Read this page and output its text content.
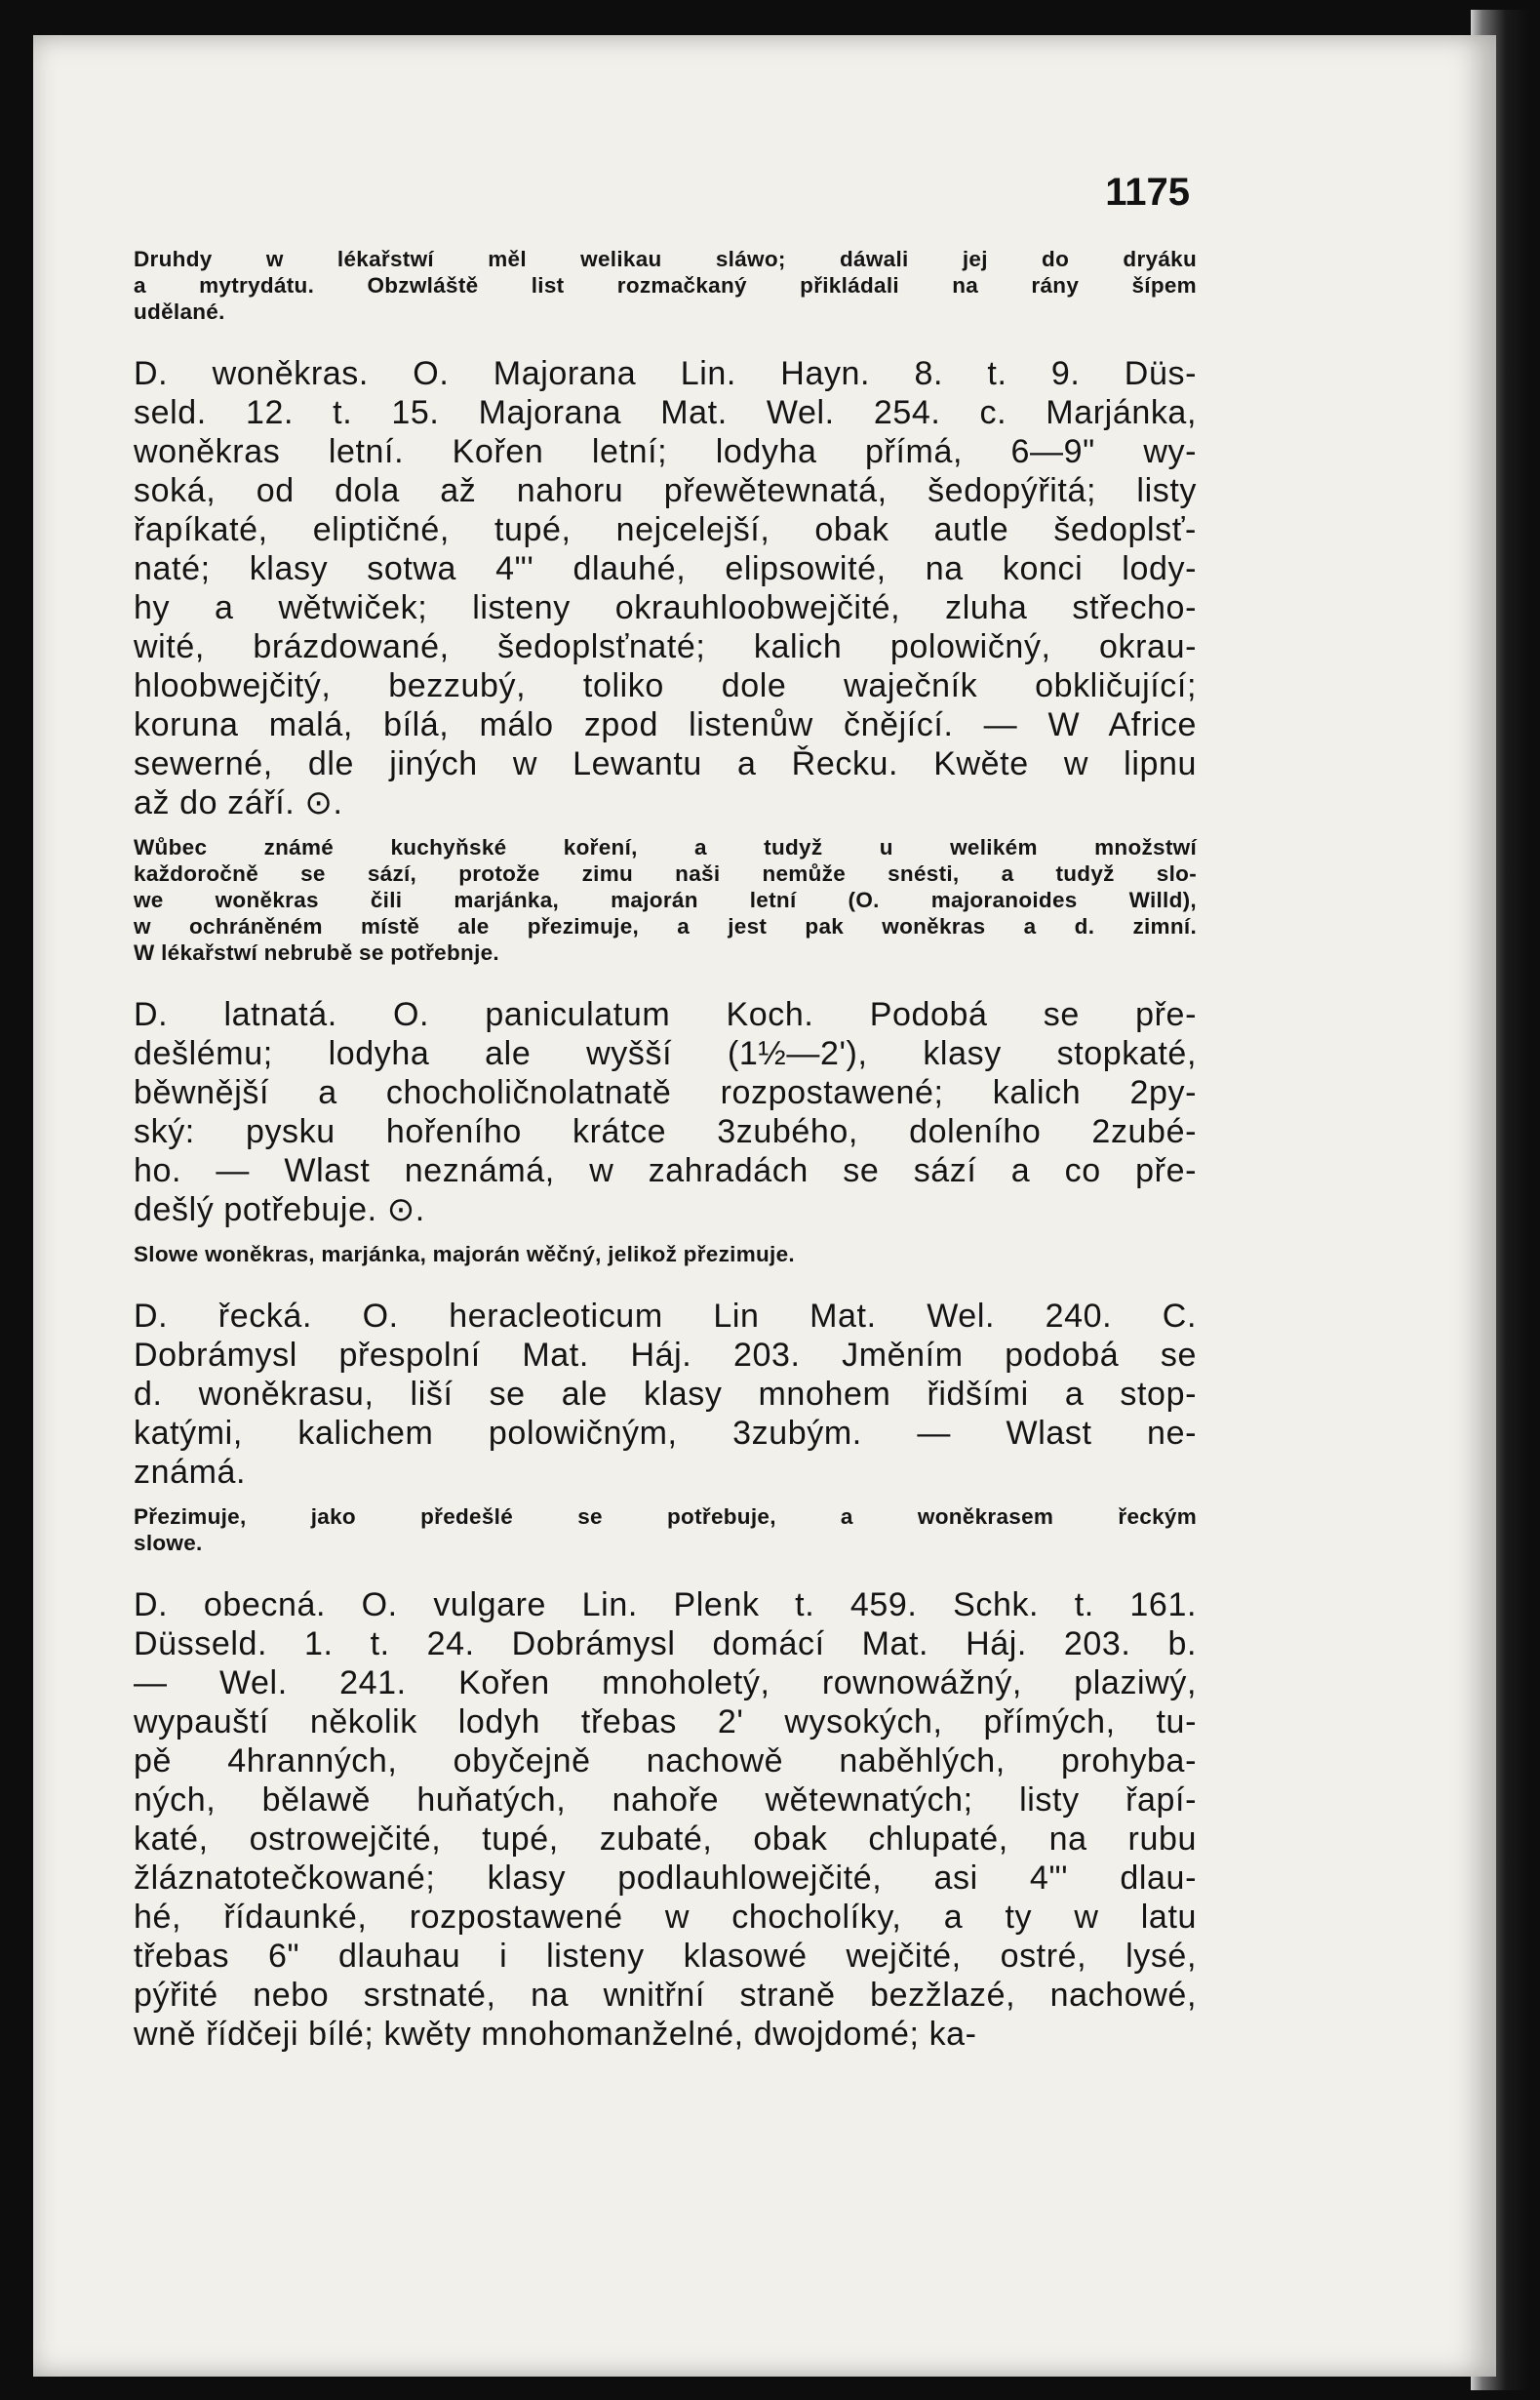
1175
Druhdy w lékařstwí měl welikau sláwo; dáwali jej do dryáku
a mytrydátu. Obzwláště list rozmačkaný přikládali na rány šípem
udělané.
D. woněkras. O. Majorana Lin. Hayn. 8. t. 9. Düs-
seld. 12. t. 15. Majorana Mat. Wel. 254. c. Marjánka,
woněkras letní. Kořen letní; lodyha přímá, 6—9" wy-
soká, od dola až nahoru přewětewnatá, šedopýřitá; listy
řapíkaté, eliptičné, tupé, nejcelejší, obak autle šedoplsť-
naté; klasy sotwa 4"' dlauhé, elipsowité, na konci lody-
hy a wětwiček; listeny okrauhloobwejčité, zluha střecho-
wité, brázdowané, šedoplsťnaté; kalich polowičný, okrau-
hloobwejčitý, bezzubý, toliko dole waječník obkličující;
koruna malá, bílá, málo zpod listenůw čnějící. — W Africe
sewerné, dle jiných w Lewantu a Řecku. Kwěte w lipnu
až do září. ⊙.
Wůbec známé kuchyňské koření, a tudyž u welikém množstwí
každoročně se sází, protože zimu naši nemůže snésti, a tudyž slo-
we woněkras čili marjánka, majorán letní (O. majoranoides Willd),
w ochráněném místě ale přezimuje, a jest pak woněkras a d. zimní.
W lékařstwí nebrubě se potřebnje.
D. latnatá. O. paniculatum Koch. Podobá se pře-
dešlému; lodyha ale wyšší (1½—2'), klasy stopkaté,
běwnější a chocholičnolatnatě rozpostawené; kalich 2py-
ský: pysku hořeního krátce 3zubého, doleního 2zubé-
ho. — Wlast neznámá, w zahradách se sází a co pře-
dešlý potřebuje. ⊙.
Slowe woněkras, marjánka, majorán wěčný, jelikož přezimuje.
D. řecká. O. heracleoticum Lin Mat. Wel. 240. C.
Dobrámysl přespolní Mat. Háj. 203. Jměním podobá se
d. woněkrasu, liší se ale klasy mnohem řidšími a stop-
katými, kalichem polowičným, 3zubým. — Wlast ne-
známá.
Přezimuje, jako předešlé se potřebuje, a woněkrasem řeckým
slowe.
D. obecná. O. vulgare Lin. Plenk t. 459. Schk. t. 161.
Düsseld. 1. t. 24. Dobrámysl domácí Mat. Háj. 203. b.
— Wel. 241. Kořen mnoholetý, rownowážný, plaziwý,
wypauští několik lodyh třebas 2' wysokých, přímých, tu-
pě 4hranných, obyčejně nachowě naběhlých, prohyba-
ných, bělawě huňatých, nahoře wětewnatých; listy řapí-
katé, ostrowejčité, tupé, zubaté, obak chlupaté, na rubu
žláznatotečkowané; klasy podlauhlowejčité, asi 4"' dlau-
hé, řídaunké, rozpostawené w chocholíky, a ty w latu
třebas 6" dlauhau i listeny klasowé wejčité, ostré, lysé,
pýřité nebo srstnaté, na wnitřní straně bezžlazé, nachowé,
wně řídčeji bílé; kwěty mnohomanželné, dwojdomé; ka-
